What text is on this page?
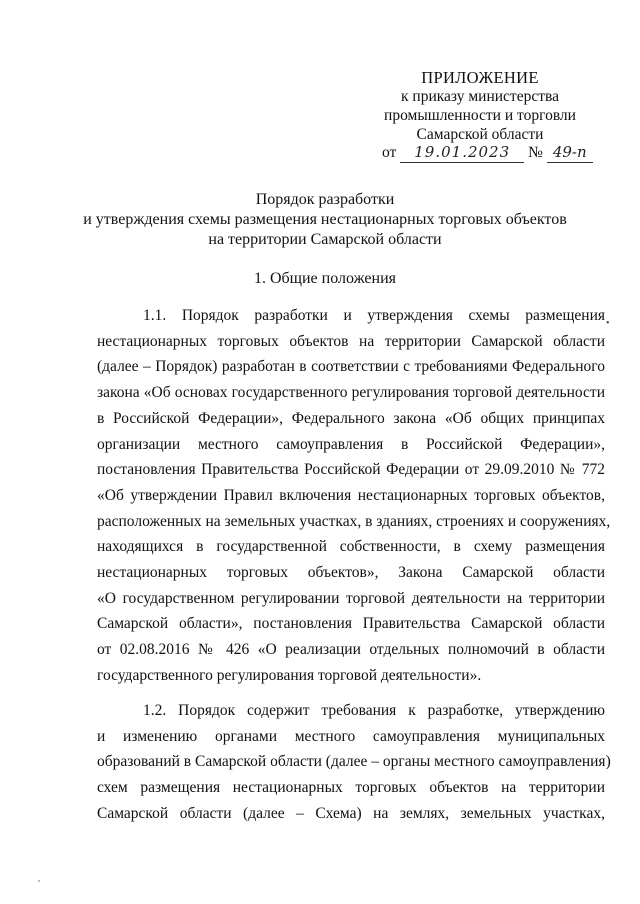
ПРИЛОЖЕНИЕ
к приказу министерства
промышленности и торговли
Самарской области
от 19.01.2023 № 49-п
Порядок разработки
и утверждения схемы размещения нестационарных торговых объектов
на территории Самарской области
1. Общие положения
•
1.1. Порядок разработки и утверждения схемы размещения
нестационарных торговых объектов на территории Самарской области
(далее – Порядок) разработан в соответствии с требованиями Федерального
закона «Об основах государственного регулирования торговой деятельности
в Российской Федерации», Федерального закона «Об общих принципах
организации местного самоуправления в Российской Федерации»,
постановления Правительства Российской Федерации от 29.09.2010 № 772
«Об утверждении Правил включения нестационарных торговых объектов,
расположенных на земельных участках, в зданиях, строениях и сооружениях,
находящихся в государственной собственности, в схему размещения
нестационарных торговых объектов», Закона Самарской области
«О государственном регулировании торговой деятельности на территории
Самарской области», постановления Правительства Самарской области
от 02.08.2016 № 426 «О реализации отдельных полномочий в области
государственного регулирования торговой деятельности».
1.2. Порядок содержит требования к разработке, утверждению
и изменению органами местного самоуправления муниципальных
образований в Самарской области (далее – органы местного самоуправления)
схем размещения нестационарных торговых объектов на территории
Самарской области (далее – Схема) на землях, земельных участках,
